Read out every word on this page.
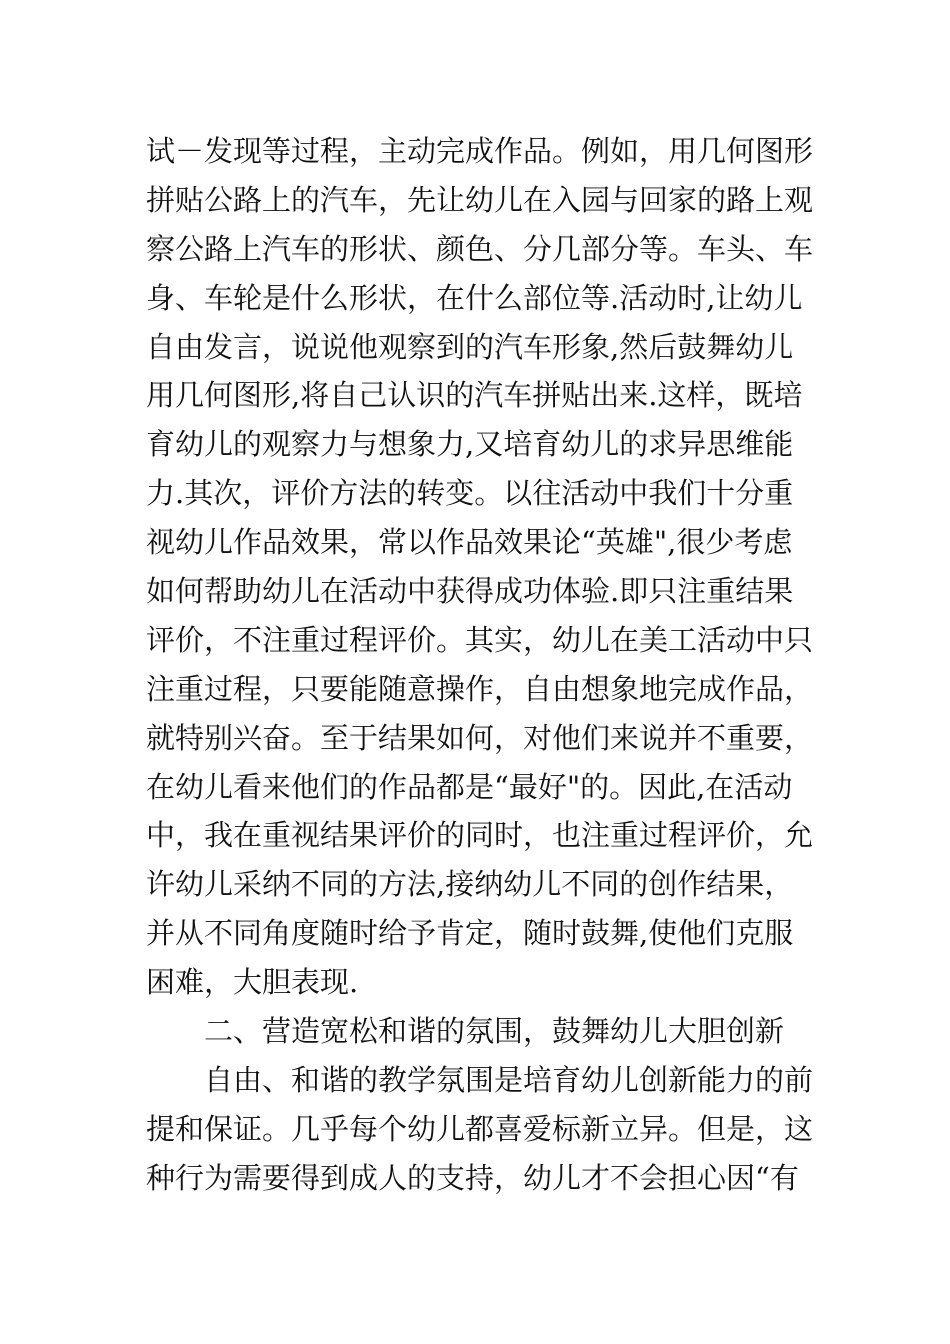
试－发现等过程，主动完成作品。例如，用几何图形
拼贴公路上的汽车，先让幼儿在入园与回家的路上观
察公路上汽车的形状、颜色、分几部分等。车头、车
身、车轮是什么形状，在什么部位等.活动时,让幼儿
自由发言，说说他观察到的汽车形象,然后鼓舞幼儿
用几何图形,将自己认识的汽车拼贴出来.这样，既培
育幼儿的观察力与想象力,又培育幼儿的求异思维能
力.其次，评价方法的转变。以往活动中我们十分重
视幼儿作品效果，常以作品效果论“英雄",很少考虑
如何帮助幼儿在活动中获得成功体验.即只注重结果
评价，不注重过程评价。其实，幼儿在美工活动中只
注重过程，只要能随意操作，自由想象地完成作品，
就特别兴奋。至于结果如何，对他们来说并不重要，
在幼儿看来他们的作品都是“最好"的。因此,在活动
中，我在重视结果评价的同时，也注重过程评价，允
许幼儿采纳不同的方法,接纳幼儿不同的创作结果，
并从不同角度随时给予肯定，随时鼓舞,使他们克服
困难，大胆表现.
二、营造宽松和谐的氛围，鼓舞幼儿大胆创新
自由、和谐的教学氛围是培育幼儿创新能力的前
提和保证。几乎每个幼儿都喜爱标新立异。但是，这
种行为需要得到成人的支持，幼儿才不会担心因“有
